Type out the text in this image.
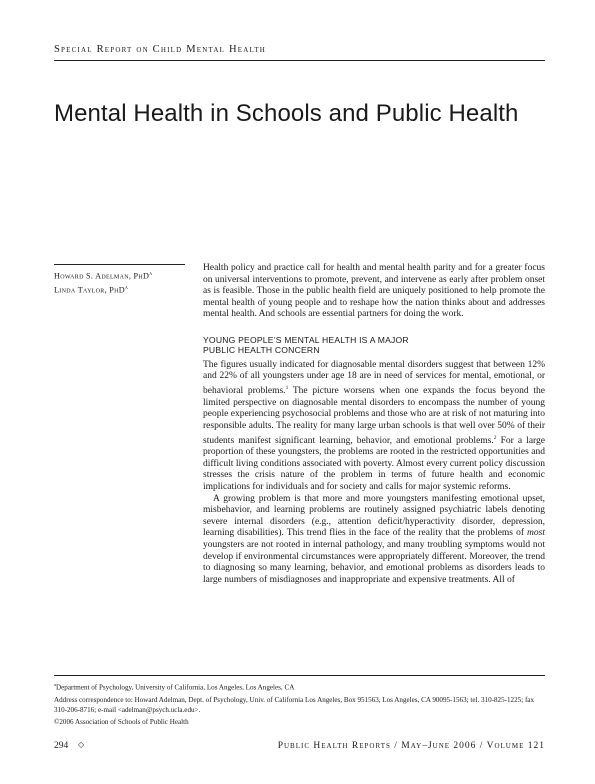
Special Report on Child Mental Health
Mental Health in Schools and Public Health
Howard S. Adelman, PhD$^a$
Linda Taylor, PhD$^a$

Health policy and practice call for health and mental health parity and for a greater focus on universal interventions to promote, prevent, and intervene as early after problem onset as is feasible. Those in the public health field are uniquely positioned to help promote the mental health of young people and to reshape how the nation thinks about and addresses mental health. And schools are essential partners for doing the work.

YOUNG PEOPLE’S MENTAL HEALTH IS A MAJOR
PUBLIC HEALTH CONCERN

The figures usually indicated for diagnosable mental disorders suggest that between 12% and 22% of all youngsters under age 18 are in need of services for mental, emotional, or behavioral problems.$^1$ The picture worsens when one expands the focus beyond the limited perspective on diagnosable mental disorders to encompass the number of young people experiencing psychosocial problems and those who are at risk of not maturing into responsible adults. The reality for many large urban schools is that well over 50% of their students manifest significant learning, behavior, and emotional problems.$^2$ For a large proportion of these youngsters, the problems are rooted in the restricted opportunities and difficult living conditions associated with poverty. Almost every current policy discussion stresses the crisis nature of the problem in terms of future health and economic implications for individuals and for society and calls for major systemic reforms.

A growing problem is that more and more youngsters manifesting emotional upset, misbehavior, and learning problems are routinely assigned psychiatric labels denoting severe internal disorders (e.g., attention deficit/hyperactivity disorder, depression, learning disabilities). This trend flies in the face of the reality that the problems of most youngsters are not rooted in internal pathology, and many troubling symptoms would not develop if environmental circumstances were appropriately different. Moreover, the trend to diagnosing so many learning, behavior, and emotional problems as disorders leads to large numbers of misdiagnoses and inappropriate and expensive treatments. All of

$^a$Department of Psychology, University of California, Los Angeles, Los Angeles, CA

Address correspondence to: Howard Adelman, Dept. of Psychology, Univ. of California Los Angeles, Box 951563, Los Angeles, CA 90095-1563; tel. 310-825-1225; fax 310-206-8716; e-mail <adelman@psych.ucla.edu>.

©2006 Association of Schools of Public Health

294 ◇	Public Health Reports / May–June 2006 / Volume 121
